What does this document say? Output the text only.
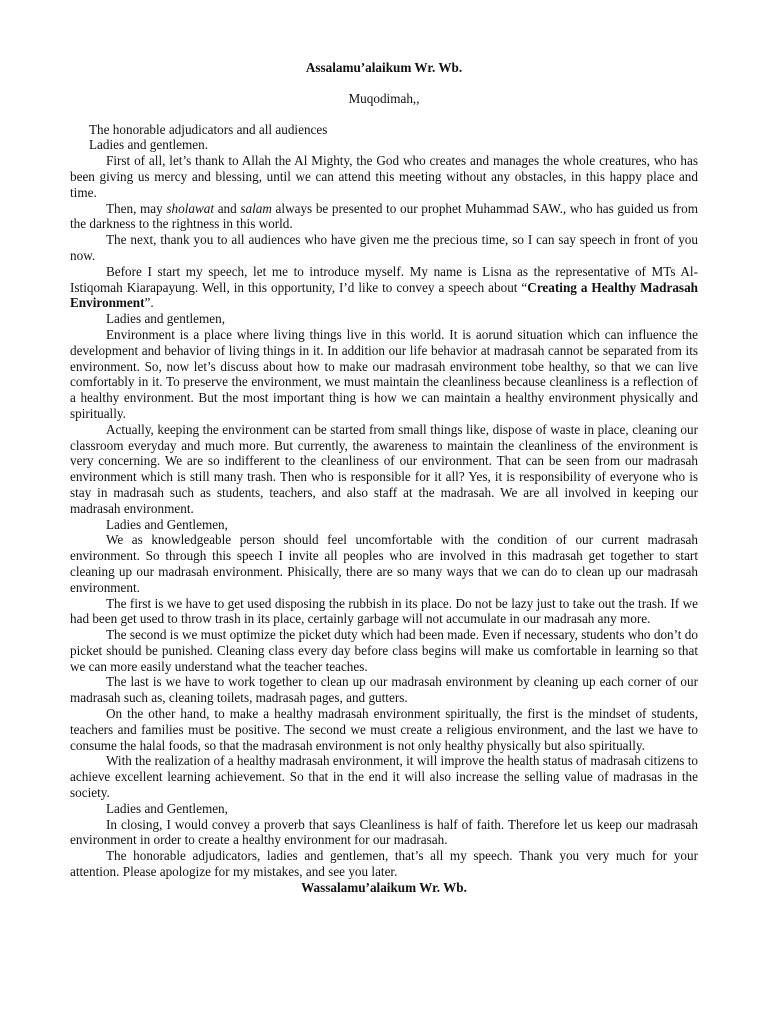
Assalamu’alaikum Wr. Wb.

Muqodimah,,

The honorable adjudicators and all audiences
Ladies and gentlemen.

First of all, let’s thank to Allah the Al Mighty, the God who creates and manages the whole creatures, who has been giving us mercy and blessing, until we can attend this meeting without any obstacles, in this happy place and time.

Then, may sholawat and salam always be presented to our prophet Muhammad SAW., who has guided us from the darkness to the rightness in this world.

The next, thank you to all audiences who have given me the precious time, so I can say speech in front of you now.

Before I start my speech, let me to introduce myself. My name is Lisna as the representative of MTs Al-Istiqomah Kiarapayung. Well, in this opportunity, I’d like to convey a speech about “Creating a Healthy Madrasah Environment”.

Ladies and gentlemen,

Environment is a place where living things live in this world. It is aorund situation which can influence the development and behavior of living things in it. In addition our life behavior at madrasah cannot be separated from its environment. So, now let’s discuss about how to make our madrasah environment tobe healthy, so that we can live comfortably in it. To preserve the environment, we must maintain the cleanliness because cleanliness is a reflection of a healthy environment. But the most important thing is how we can maintain a healthy environment physically and spiritually.

Actually, keeping the environment can be started from small things like, dispose of waste in place, cleaning our classroom everyday and much more. But currently, the awareness to maintain the cleanliness of the environment is very concerning. We are so indifferent to the cleanliness of our environment. That can be seen from our madrasah environment which is still many trash. Then who is responsible for it all? Yes, it is responsibility of everyone who is stay in madrasah such as students, teachers, and also staff at the madrasah. We are all involved in keeping our madrasah environment.

Ladies and Gentlemen,

We as knowledgeable person should feel uncomfortable with the condition of our current madrasah environment. So through this speech I invite all peoples who are involved in this madrasah get together to start cleaning up our madrasah environment. Phisically, there are so many ways that we can do to clean up our madrasah environment.

The first is we have to get used disposing the rubbish in its place. Do not be lazy just to take out the trash. If we had been get used to throw trash in its place, certainly garbage will not accumulate in our madrasah any more.

The second is we must optimize the picket duty which had been made. Even if necessary, students who don’t do picket should be punished. Cleaning class every day before class begins will make us comfortable in learning so that we can more easily understand what the teacher teaches.

The last is we have to work together to clean up our madrasah environment by cleaning up each corner of our madrasah such as, cleaning toilets, madrasah pages, and gutters.

On the other hand, to make a healthy madrasah environment spiritually, the first is the mindset of students, teachers and families must be positive. The second we must create a religious environment, and the last we have to consume the halal foods, so that the madrasah environment is not only healthy physically but also spiritually.

With the realization of a healthy madrasah environment, it will improve the health status of madrasah citizens to achieve excellent learning achievement. So that in the end it will also increase the selling value of madrasas in the society.

Ladies and Gentlemen,

In closing, I would convey a proverb that says Cleanliness is half of faith. Therefore let us keep our madrasah environment in order to create a healthy environment for our madrasah.

The honorable adjudicators, ladies and gentlemen, that’s all my speech. Thank you very much for your attention. Please apologize for my mistakes, and see you later.

Wassalamu’alaikum Wr. Wb.
